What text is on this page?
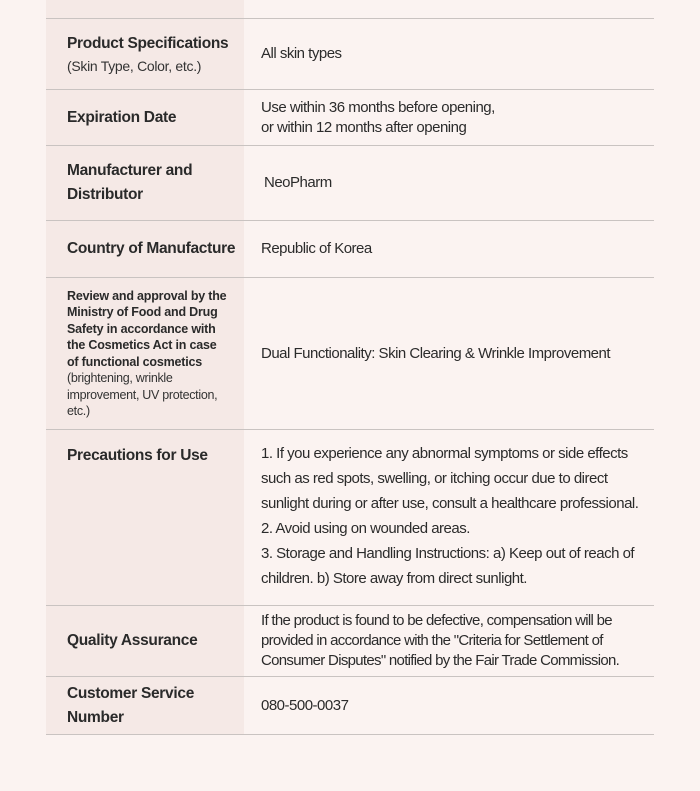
Product Specifications
(Skin Type, Color, etc.)
All skin types
Expiration Date
Use within 36 months before opening,
or within 12 months after opening
Manufacturer and
Distributor
NeoPharm
Country of Manufacture Republic of Korea
Review and approval by the
Ministry of Food and Drug
Safety in accordance with
the Cosmetics Act in case
of functional cosmetics
(brightening, wrinkle
improvement, UV protection,
etc.)
Dual Functionality: Skin Clearing & Wrinkle Improvement
Precautions for Use	1. If you experience any abnormal symptoms or side effects
such as red spots, swelling, or itching occur due to direct
sunlight during or after use, consult a healthcare professional.
2. Avoid using on wounded areas.
3. Storage and Handling Instructions: a) Keep out of reach of
children. b) Store away from direct sunlight.
Quality Assurance
If the product is found to be defective, compensation will be
provided in accordance with the "Criteria for Settlement of
Consumer Disputes" notified by the Fair Trade Commission.
Customer Service
Number
080-500-0037
